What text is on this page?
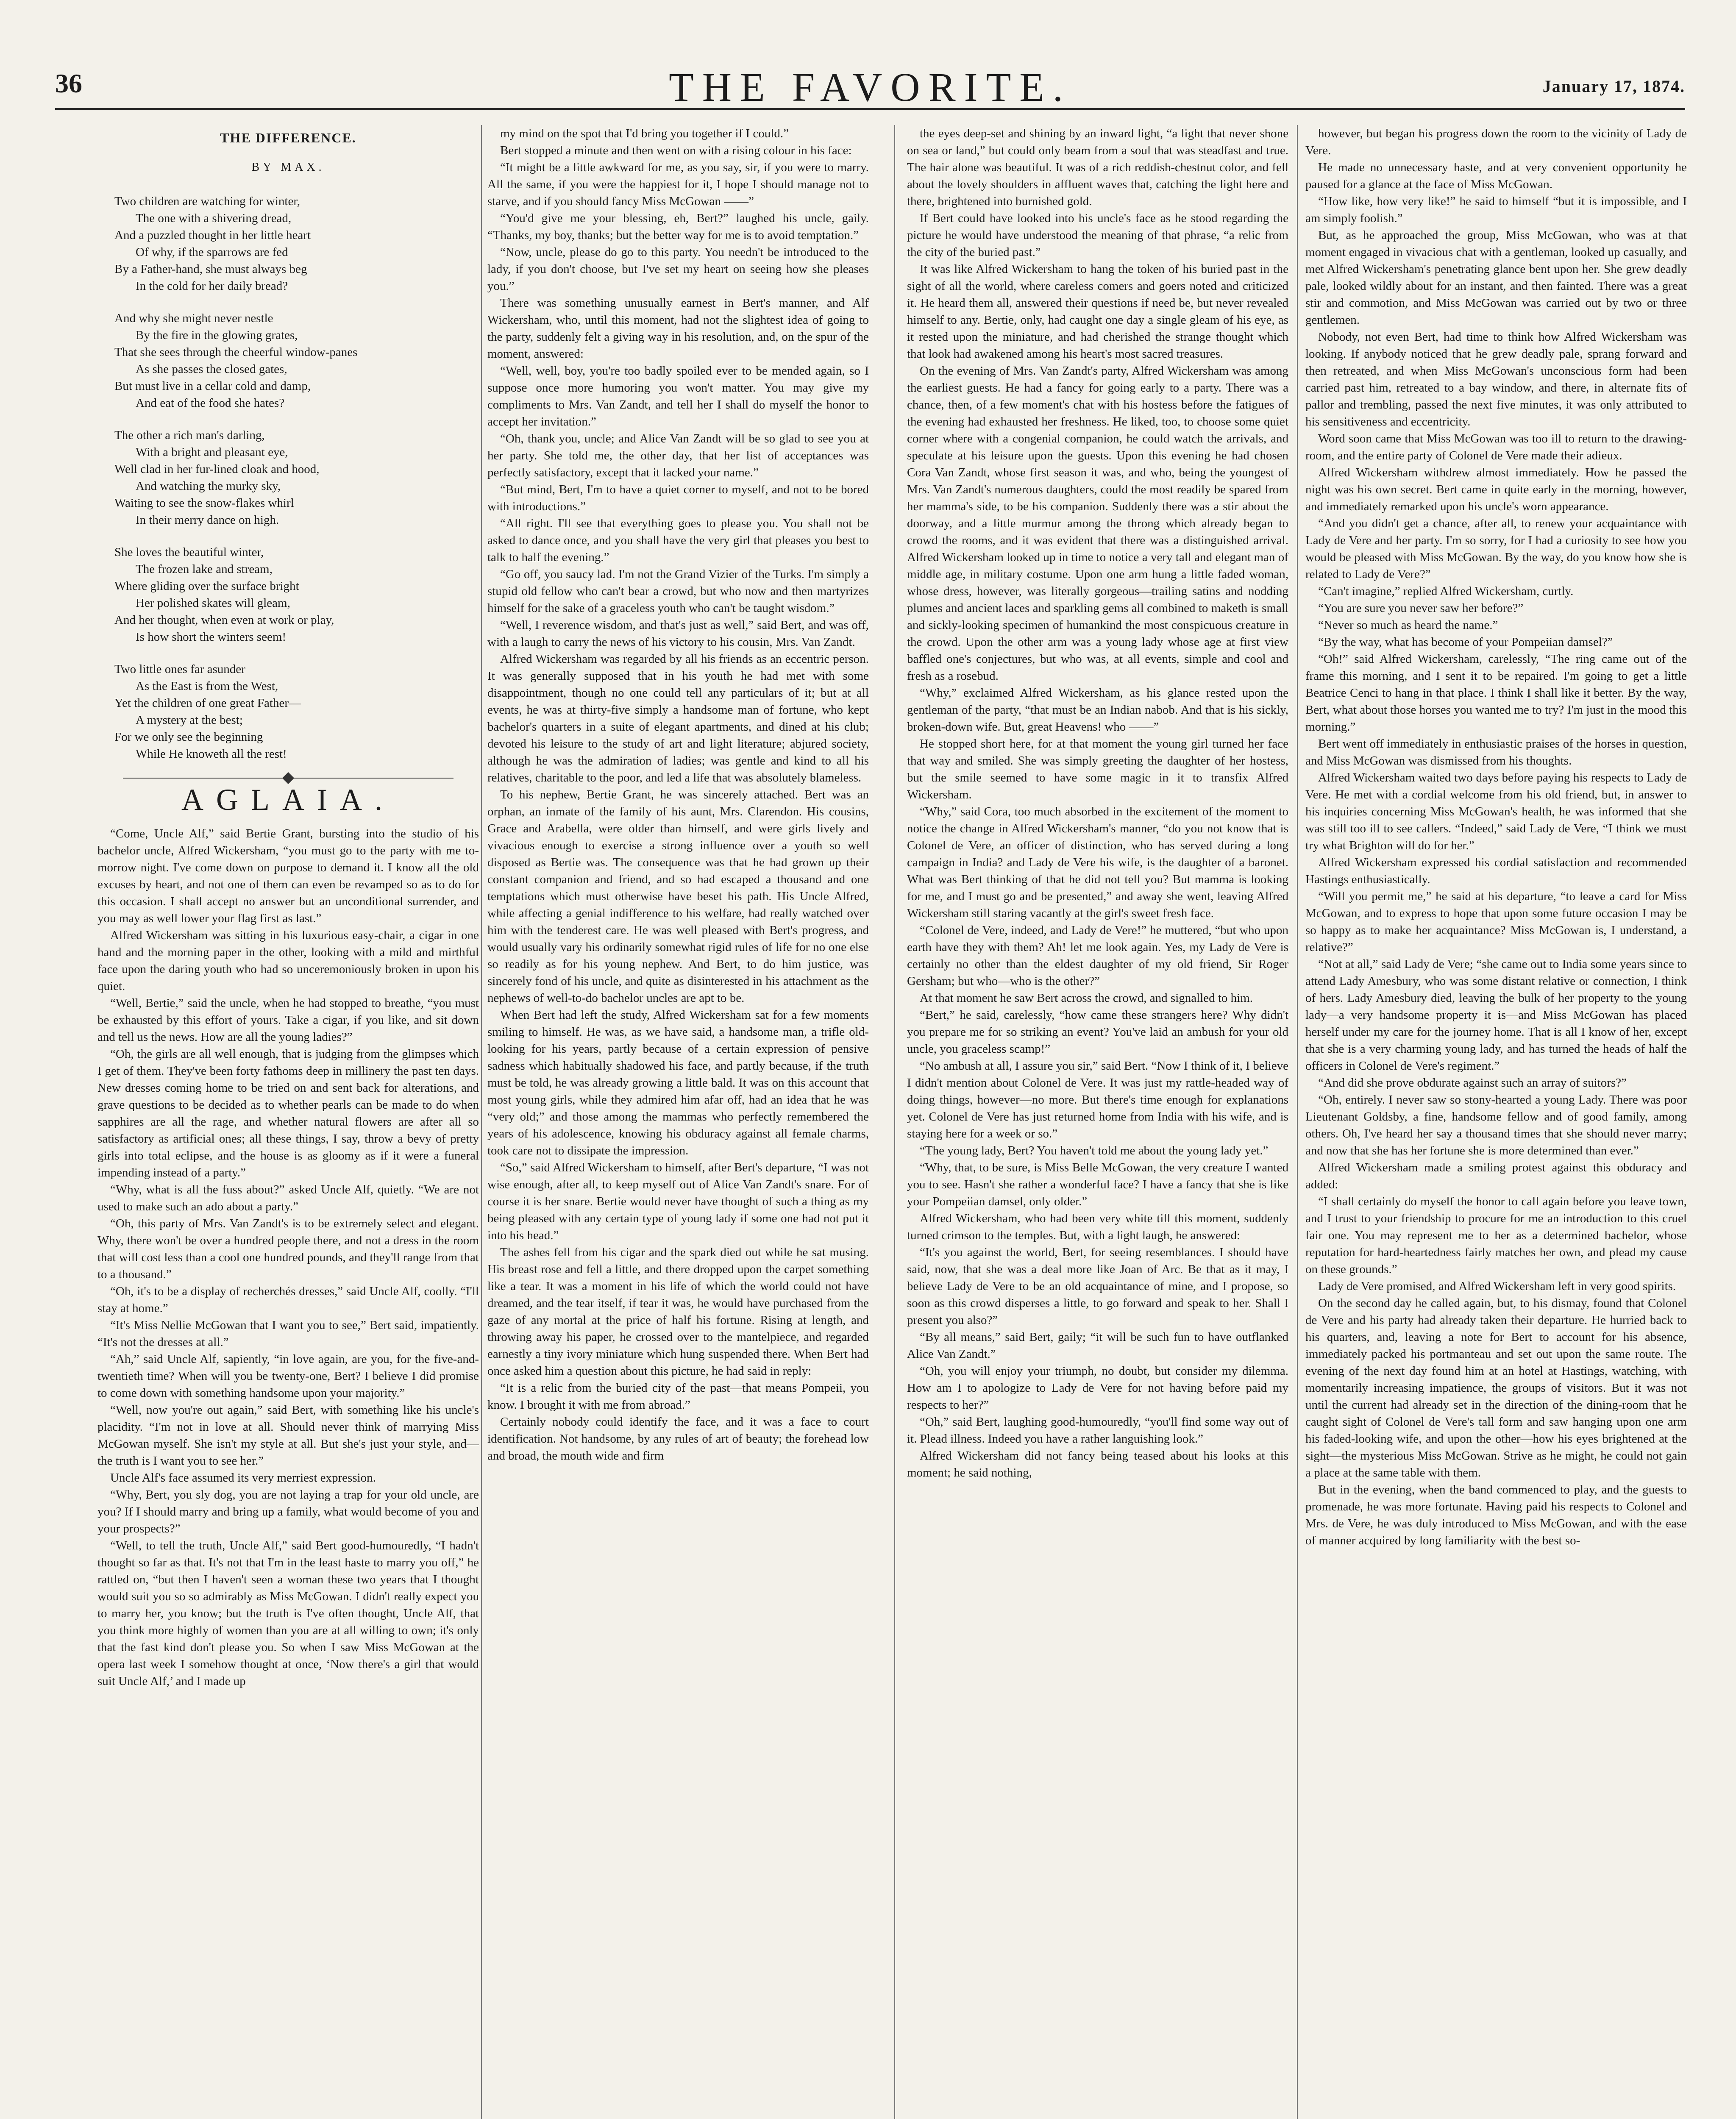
36	THE FAVORITE.	January 17, 1874.
THE DIFFERENCE.
BY MAX.

Two children are watching for winter,

The one with a shivering dread,

And a puzzled thought in her little heart

Of why, if the sparrows are fed

By a Father-hand, she must always beg

In the cold for her daily bread?

And why she might never nestle

By the fire in the glowing grates,

That she sees through the cheerful window-panes

As she passes the closed gates,

But must live in a cellar cold and damp,

And eat of the food she hates?

The other a rich man's darling,

With a bright and pleasant eye,

Well clad in her fur-lined cloak and hood,

And watching the murky sky,

Waiting to see the snow-flakes whirl

In their merry dance on high.

She loves the beautiful winter,

The frozen lake and stream,

Where gliding over the surface bright

Her polished skates will gleam,

And her thought, when even at work or play,

Is how short the winters seem!

Two little ones far asunder

As the East is from the West,

Yet the children of one great Father—

A mystery at the best;

For we only see the beginning

While He knoweth all the rest!

AGLAIA.

“Come, Uncle Alf,” said Bertie Grant, bursting into the studio of his bachelor uncle, Alfred Wickersham, “you must go to the party with me to-morrow night. I've come down on purpose to demand it. I know all the old excuses by heart, and not one of them can even be revamped so as to do for this occasion. I shall accept no answer but an unconditional surrender, and you may as well lower your flag first as last.”

Alfred Wickersham was sitting in his luxurious easy-chair, a cigar in one hand and the morning paper in the other, looking with a mild and mirthful face upon the daring youth who had so unceremoniously broken in upon his quiet.

“Well, Bertie,” said the uncle, when he had stopped to breathe, “you must be exhausted by this effort of yours. Take a cigar, if you like, and sit down and tell us the news. How are all the young ladies?”

“Oh, the girls are all well enough, that is judging from the glimpses which I get of them. They've been forty fathoms deep in millinery the past ten days. New dresses coming home to be tried on and sent back for alterations, and grave questions to be decided as to whether pearls can be made to do when sapphires are all the rage, and whether natural flowers are after all so satisfactory as artificial ones; all these things, I say, throw a bevy of pretty girls into total eclipse, and the house is as gloomy as if it were a funeral impending instead of a party.”

“Why, what is all the fuss about?” asked Uncle Alf, quietly. “We are not used to make such an ado about a party.”

“Oh, this party of Mrs. Van Zandt's is to be extremely select and elegant. Why, there won't be over a hundred people there, and not a dress in the room that will cost less than a cool one hundred pounds, and they'll range from that to a thousand.”

“Oh, it's to be a display of recherchés dresses,” said Uncle Alf, coolly. “I'll stay at home.”

“It's Miss Nellie McGowan that I want you to see,” Bert said, impatiently. “It's not the dresses at all.”

“Ah,” said Uncle Alf, sapiently, “in love again, are you, for the five-and-twentieth time? When will you be twenty-one, Bert? I believe I did promise to come down with something handsome upon your majority.”

“Well, now you're out again,” said Bert, with something like his uncle's placidity. “I'm not in love at all. Should never think of marrying Miss McGowan myself. She isn't my style at all. But she's just your style, and—the truth is I want you to see her.”

Uncle Alf's face assumed its very merriest expression.

“Why, Bert, you sly dog, you are not laying a trap for your old uncle, are you? If I should marry and bring up a family, what would become of you and your prospects?”

“Well, to tell the truth, Uncle Alf,” said Bert good-humouredly, “I hadn't thought so far as that. It's not that I'm in the least haste to marry you off,” he rattled on, “but then I haven't seen a woman these two years that I thought would suit you so so admirably as Miss McGowan. I didn't really expect you to marry her, you know; but the truth is I've often thought, Uncle Alf, that you think more highly of women than you are at all willing to own; it's only that the fast kind don't please you. So when I saw Miss McGowan at the opera last week I somehow thought at once, ‘Now there's a girl that would suit Uncle Alf,’ and I made up

my mind on the spot that I'd bring you together if I could.”

Bert stopped a minute and then went on with a rising colour in his face:

“It might be a little awkward for me, as you say, sir, if you were to marry. All the same, if you were the happiest for it, I hope I should manage not to starve, and if you should fancy Miss McGowan ——”

“You'd give me your blessing, eh, Bert?” laughed his uncle, gaily. “Thanks, my boy, thanks; but the better way for me is to avoid temptation.”

“Now, uncle, please do go to this party. You needn't be introduced to the lady, if you don't choose, but I've set my heart on seeing how she pleases you.”

There was something unusually earnest in Bert's manner, and Alf Wickersham, who, until this moment, had not the slightest idea of going to the party, suddenly felt a giving way in his resolution, and, on the spur of the moment, answered:

“Well, well, boy, you're too badly spoiled ever to be mended again, so I suppose once more humoring you won't matter. You may give my compliments to Mrs. Van Zandt, and tell her I shall do myself the honor to accept her invitation.”

“Oh, thank you, uncle; and Alice Van Zandt will be so glad to see you at her party. She told me, the other day, that her list of acceptances was perfectly satisfactory, except that it lacked your name.”

“But mind, Bert, I'm to have a quiet corner to myself, and not to be bored with introductions.”

“All right. I'll see that everything goes to please you. You shall not be asked to dance once, and you shall have the very girl that pleases you best to talk to half the evening.”

“Go off, you saucy lad. I'm not the Grand Vizier of the Turks. I'm simply a stupid old fellow who can't bear a crowd, but who now and then martyrizes himself for the sake of a graceless youth who can't be taught wisdom.”

“Well, I reverence wisdom, and that's just as well,” said Bert, and was off, with a laugh to carry the news of his victory to his cousin, Mrs. Van Zandt.

Alfred Wickersham was regarded by all his friends as an eccentric person. It was generally supposed that in his youth he had met with some disappointment, though no one could tell any particulars of it; but at all events, he was at thirty-five simply a handsome man of fortune, who kept bachelor's quarters in a suite of elegant apartments, and dined at his club; devoted his leisure to the study of art and light literature; abjured society, although he was the admiration of ladies; was gentle and kind to all his relatives, charitable to the poor, and led a life that was absolutely blameless.

To his nephew, Bertie Grant, he was sincerely attached. Bert was an orphan, an inmate of the family of his aunt, Mrs. Clarendon. His cousins, Grace and Arabella, were older than himself, and were girls lively and vivacious enough to exercise a strong influence over a youth so well disposed as Bertie was. The consequence was that he had grown up their constant companion and friend, and so had escaped a thousand and one temptations which must otherwise have beset his path. His Uncle Alfred, while affecting a genial indifference to his welfare, had really watched over him with the tenderest care. He was well pleased with Bert's progress, and would usually vary his ordinarily somewhat rigid rules of life for no one else so readily as for his young nephew. And Bert, to do him justice, was sincerely fond of his uncle, and quite as disinterested in his attachment as the nephews of well-to-do bachelor uncles are apt to be.

When Bert had left the study, Alfred Wickersham sat for a few moments smiling to himself. He was, as we have said, a handsome man, a trifle old-looking for his years, partly because of a certain expression of pensive sadness which habitually shadowed his face, and partly because, if the truth must be told, he was already growing a little bald. It was on this account that most young girls, while they admired him afar off, had an idea that he was “very old;” and those among the mammas who perfectly remembered the years of his adolescence, knowing his obduracy against all female charms, took care not to dissipate the impression.

“So,” said Alfred Wickersham to himself, after Bert's departure, “I was not wise enough, after all, to keep myself out of Alice Van Zandt's snare. For of course it is her snare. Bertie would never have thought of such a thing as my being pleased with any certain type of young lady if some one had not put it into his head.”

The ashes fell from his cigar and the spark died out while he sat musing. His breast rose and fell a little, and there dropped upon the carpet something like a tear. It was a moment in his life of which the world could not have dreamed, and the tear itself, if tear it was, he would have purchased from the gaze of any mortal at the price of half his fortune. Rising at length, and throwing away his paper, he crossed over to the mantelpiece, and regarded earnestly a tiny ivory miniature which hung suspended there. When Bert had once asked him a question about this picture, he had said in reply:

“It is a relic from the buried city of the past—that means Pompeii, you know. I brought it with me from abroad.”

Certainly nobody could identify the face, and it was a face to court identification. Not handsome, by any rules of art of beauty; the forehead low and broad, the mouth wide and firm

the eyes deep-set and shining by an inward light, “a light that never shone on sea or land,” but could only beam from a soul that was steadfast and true. The hair alone was beautiful. It was of a rich reddish-chestnut color, and fell about the lovely shoulders in affluent waves that, catching the light here and there, brightened into burnished gold.

If Bert could have looked into his uncle's face as he stood regarding the picture he would have understood the meaning of that phrase, “a relic from the city of the buried past.”

It was like Alfred Wickersham to hang the token of his buried past in the sight of all the world, where careless comers and goers noted and criticized it. He heard them all, answered their questions if need be, but never revealed himself to any. Bertie, only, had caught one day a single gleam of his eye, as it rested upon the miniature, and had cherished the strange thought which that look had awakened among his heart's most sacred treasures.

On the evening of Mrs. Van Zandt's party, Alfred Wickersham was among the earliest guests. He had a fancy for going early to a party. There was a chance, then, of a few moment's chat with his hostess before the fatigues of the evening had exhausted her freshness. He liked, too, to choose some quiet corner where with a congenial companion, he could watch the arrivals, and speculate at his leisure upon the guests. Upon this evening he had chosen Cora Van Zandt, whose first season it was, and who, being the youngest of Mrs. Van Zandt's numerous daughters, could the most readily be spared from her mamma's side, to be his companion. Suddenly there was a stir about the doorway, and a little murmur among the throng which already began to crowd the rooms, and it was evident that there was a distinguished arrival. Alfred Wickersham looked up in time to notice a very tall and elegant man of middle age, in military costume. Upon one arm hung a little faded woman, whose dress, however, was literally gorgeous—trailing satins and nodding plumes and ancient laces and sparkling gems all combined to maketh is small and sickly-looking specimen of humankind the most conspicuous creature in the crowd. Upon the other arm was a young lady whose age at first view baffled one's conjectures, but who was, at all events, simple and cool and fresh as a rosebud.

“Why,” exclaimed Alfred Wickersham, as his glance rested upon the gentleman of the party, “that must be an Indian nabob. And that is his sickly, broken-down wife. But, great Heavens! who ——”

He stopped short here, for at that moment the young girl turned her face that way and smiled. She was simply greeting the daughter of her hostess, but the smile seemed to have some magic in it to transfix Alfred Wickersham.

“Why,” said Cora, too much absorbed in the excitement of the moment to notice the change in Alfred Wickersham's manner, “do you not know that is Colonel de Vere, an officer of distinction, who has served during a long campaign in India? and Lady de Vere his wife, is the daughter of a baronet. What was Bert thinking of that he did not tell you? But mamma is looking for me, and I must go and be presented,” and away she went, leaving Alfred Wickersham still staring vacantly at the girl's sweet fresh face.

“Colonel de Vere, indeed, and Lady de Vere!” he muttered, “but who upon earth have they with them? Ah! let me look again. Yes, my Lady de Vere is certainly no other than the eldest daughter of my old friend, Sir Roger Gersham; but who—who is the other?”

At that moment he saw Bert across the crowd, and signalled to him.

“Bert,” he said, carelessly, “how came these strangers here? Why didn't you prepare me for so striking an event? You've laid an ambush for your old uncle, you graceless scamp!”

“No ambush at all, I assure you sir,” said Bert. “Now I think of it, I believe I didn't mention about Colonel de Vere. It was just my rattle-headed way of doing things, however—no more. But there's time enough for explanations yet. Colonel de Vere has just returned home from India with his wife, and is staying here for a week or so.”

“The young lady, Bert? You haven't told me about the young lady yet.”

“Why, that, to be sure, is Miss Belle McGowan, the very creature I wanted you to see. Hasn't she rather a wonderful face? I have a fancy that she is like your Pompeiian damsel, only older.”

Alfred Wickersham, who had been very white till this moment, suddenly turned crimson to the temples. But, with a light laugh, he answered:

“It's you against the world, Bert, for seeing resemblances. I should have said, now, that she was a deal more like Joan of Arc. Be that as it may, I believe Lady de Vere to be an old acquaintance of mine, and I propose, so soon as this crowd disperses a little, to go forward and speak to her. Shall I present you also?”

“By all means,” said Bert, gaily; “it will be such fun to have outflanked Alice Van Zandt.”

“Oh, you will enjoy your triumph, no doubt, but consider my dilemma. How am I to apologize to Lady de Vere for not having before paid my respects to her?”

“Oh,” said Bert, laughing good-humouredly, “you'll find some way out of it. Plead illness. Indeed you have a rather languishing look.”

Alfred Wickersham did not fancy being teased about his looks at this moment; he said nothing,

however, but began his progress down the room to the vicinity of Lady de Vere.

He made no unnecessary haste, and at very convenient opportunity he paused for a glance at the face of Miss McGowan.

“How like, how very like!” he said to himself “but it is impossible, and I am simply foolish.”

But, as he approached the group, Miss McGowan, who was at that moment engaged in vivacious chat with a gentleman, looked up casually, and met Alfred Wickersham's penetrating glance bent upon her. She grew deadly pale, looked wildly about for an instant, and then fainted. There was a great stir and commotion, and Miss McGowan was carried out by two or three gentlemen.

Nobody, not even Bert, had time to think how Alfred Wickersham was looking. If anybody noticed that he grew deadly pale, sprang forward and then retreated, and when Miss McGowan's unconscious form had been carried past him, retreated to a bay window, and there, in alternate fits of pallor and trembling, passed the next five minutes, it was only attributed to his sensitiveness and eccentricity.

Word soon came that Miss McGowan was too ill to return to the drawing-room, and the entire party of Colonel de Vere made their adieux.

Alfred Wickersham withdrew almost immediately. How he passed the night was his own secret. Bert came in quite early in the morning, however, and immediately remarked upon his uncle's worn appearance.

“And you didn't get a chance, after all, to renew your acquaintance with Lady de Vere and her party. I'm so sorry, for I had a curiosity to see how you would be pleased with Miss McGowan. By the way, do you know how she is related to Lady de Vere?”

“Can't imagine,” replied Alfred Wickersham, curtly.

“You are sure you never saw her before?”

“Never so much as heard the name.”

“By the way, what has become of your Pompeiian damsel?”

“Oh!” said Alfred Wickersham, carelessly, “The ring came out of the frame this morning, and I sent it to be repaired. I'm going to get a little Beatrice Cenci to hang in that place. I think I shall like it better. By the way, Bert, what about those horses you wanted me to try? I'm just in the mood this morning.”

Bert went off immediately in enthusiastic praises of the horses in question, and Miss McGowan was dismissed from his thoughts.

Alfred Wickersham waited two days before paying his respects to Lady de Vere. He met with a cordial welcome from his old friend, but, in answer to his inquiries concerning Miss McGowan's health, he was informed that she was still too ill to see callers. “Indeed,” said Lady de Vere, “I think we must try what Brighton will do for her.”

Alfred Wickersham expressed his cordial satisfaction and recommended Hastings enthusiastically.

“Will you permit me,” he said at his departure, “to leave a card for Miss McGowan, and to express to hope that upon some future occasion I may be so happy as to make her acquaintance? Miss McGowan is, I understand, a relative?”

“Not at all,” said Lady de Vere; “she came out to India some years since to attend Lady Amesbury, who was some distant relative or connection, I think of hers. Lady Amesbury died, leaving the bulk of her property to the young lady—a very handsome property it is—and Miss McGowan has placed herself under my care for the journey home. That is all I know of her, except that she is a very charming young lady, and has turned the heads of half the officers in Colonel de Vere's regiment.”

“And did she prove obdurate against such an array of suitors?”

“Oh, entirely. I never saw so stony-hearted a young Lady. There was poor Lieutenant Goldsby, a fine, handsome fellow and of good family, among others. Oh, I've heard her say a thousand times that she should never marry; and now that she has her fortune she is more determined than ever.”

Alfred Wickersham made a smiling protest against this obduracy and added:

“I shall certainly do myself the honor to call again before you leave town, and I trust to your friendship to procure for me an introduction to this cruel fair one. You may represent me to her as a determined bachelor, whose reputation for hard-heartedness fairly matches her own, and plead my cause on these grounds.”

Lady de Vere promised, and Alfred Wickersham left in very good spirits.

On the second day he called again, but, to his dismay, found that Colonel de Vere and his party had already taken their departure. He hurried back to his quarters, and, leaving a note for Bert to account for his absence, immediately packed his portmanteau and set out upon the same route. The evening of the next day found him at an hotel at Hastings, watching, with momentarily increasing impatience, the groups of visitors. But it was not until the current had already set in the direction of the dining-room that he caught sight of Colonel de Vere's tall form and saw hanging upon one arm his faded-looking wife, and upon the other—how his eyes brightened at the sight—the mysterious Miss McGowan. Strive as he might, he could not gain a place at the same table with them.

But in the evening, when the band commenced to play, and the guests to promenade, he was more fortunate. Having paid his respects to Colonel and Mrs. de Vere, he was duly introduced to Miss McGowan, and with the ease of manner acquired by long familiarity with the best so-
